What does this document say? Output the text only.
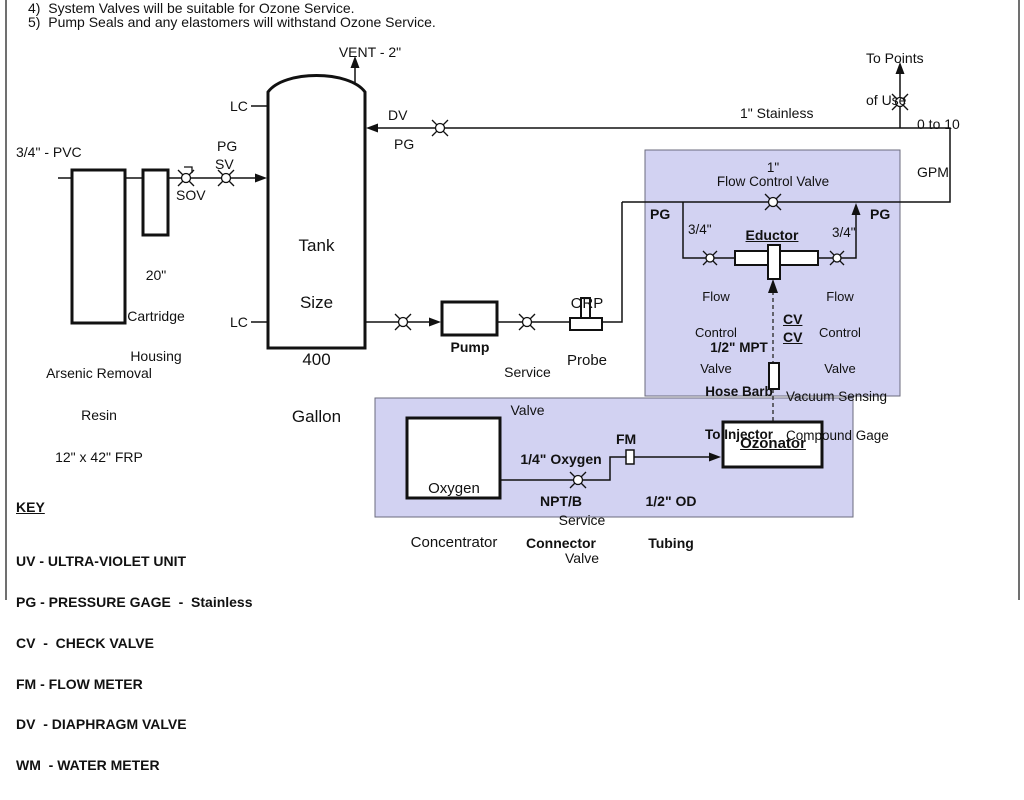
4)  System Valves will be suitable for Ozone Service.
5)  Pump Seals and any elastomers will withstand Ozone Service.
VENT - 2"
LC
LC

Tank

Size

400

Gallon

3/4" - PVC	PG
SV
SOV

20"

Cartridge

Housing

Arsenic Removal

Resin

12" x 42" FRP

DV
PG
1" Stainless

To Points

of Use

0 to 10

GPM

Pump

Service

Valve

ORP

Probe

1"
Flow Control Valve
PG	PG
3/4"	3/4"
Eductor

Flow

Control

Valve

Flow

Control

Valve

1/2" MPT

Hose Barb

To Injector

CV
CV

Vacuum Sensing

Compound Gage

Oxygen

Concentrator

1/4" Oxygen

NPT/B

Connector

FM

1/2" OD

Tubing

Service

Valve

Ozonator
KEY

UV - ULTRA-VIOLET UNIT

PG - PRESSURE GAGE  -  Stainless

CV  -  CHECK VALVE

FM - FLOW METER

DV  - DIAPHRAGM VALVE

WM  - WATER METER
